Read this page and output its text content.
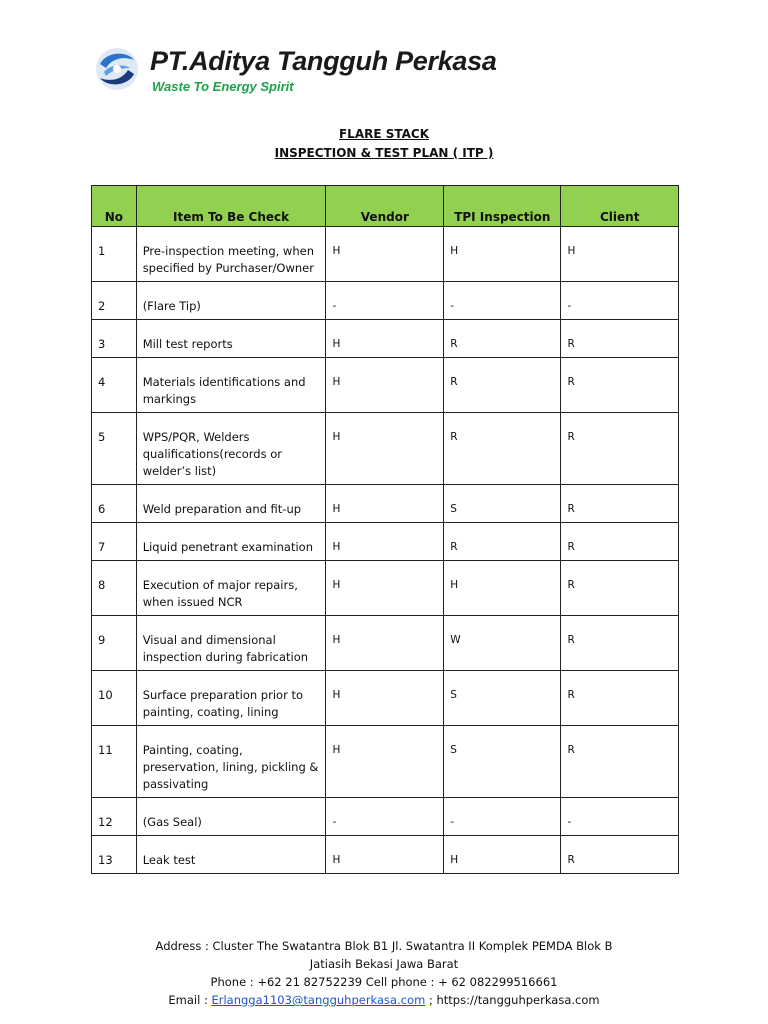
PT.Aditya Tangguh Perkasa
Waste To Energy Spirit
FLARE STACK
INSPECTION & TEST PLAN ( ITP )
No	Item To Be Check	Vendor	TPI Inspection	Client
1	Pre-inspection meeting, when specified by Purchaser/Owner	H	H	H
2	(Flare Tip)	-	-	-
3	Mill test reports	H	R	R
4	Materials identifications and markings	H	R	R
5	WPS/PQR, Welders qualifications(records or welder’s list)	H	R	R
6	Weld preparation and fit-up	H	S	R
7	Liquid penetrant examination	H	R	R
8	Execution of major repairs, when issued NCR	H	H	R
9	Visual and dimensional inspection during fabrication	H	W	R
10	Surface preparation prior to painting, coating, lining	H	S	R
11	Painting, coating, preservation, lining, pickling & passivating	H	S	R
12	(Gas Seal)	-	-	-
13	Leak test	H	H	R
Address : Cluster The Swatantra Blok B1 Jl. Swatantra II Komplek PEMDA Blok B
Jatiasih Bekasi Jawa Barat
Phone : +62 21 82752239 Cell phone : + 62 082299516661
Email : Erlangga1103@tangguhperkasa.com ; https://tangguhperkasa.com
